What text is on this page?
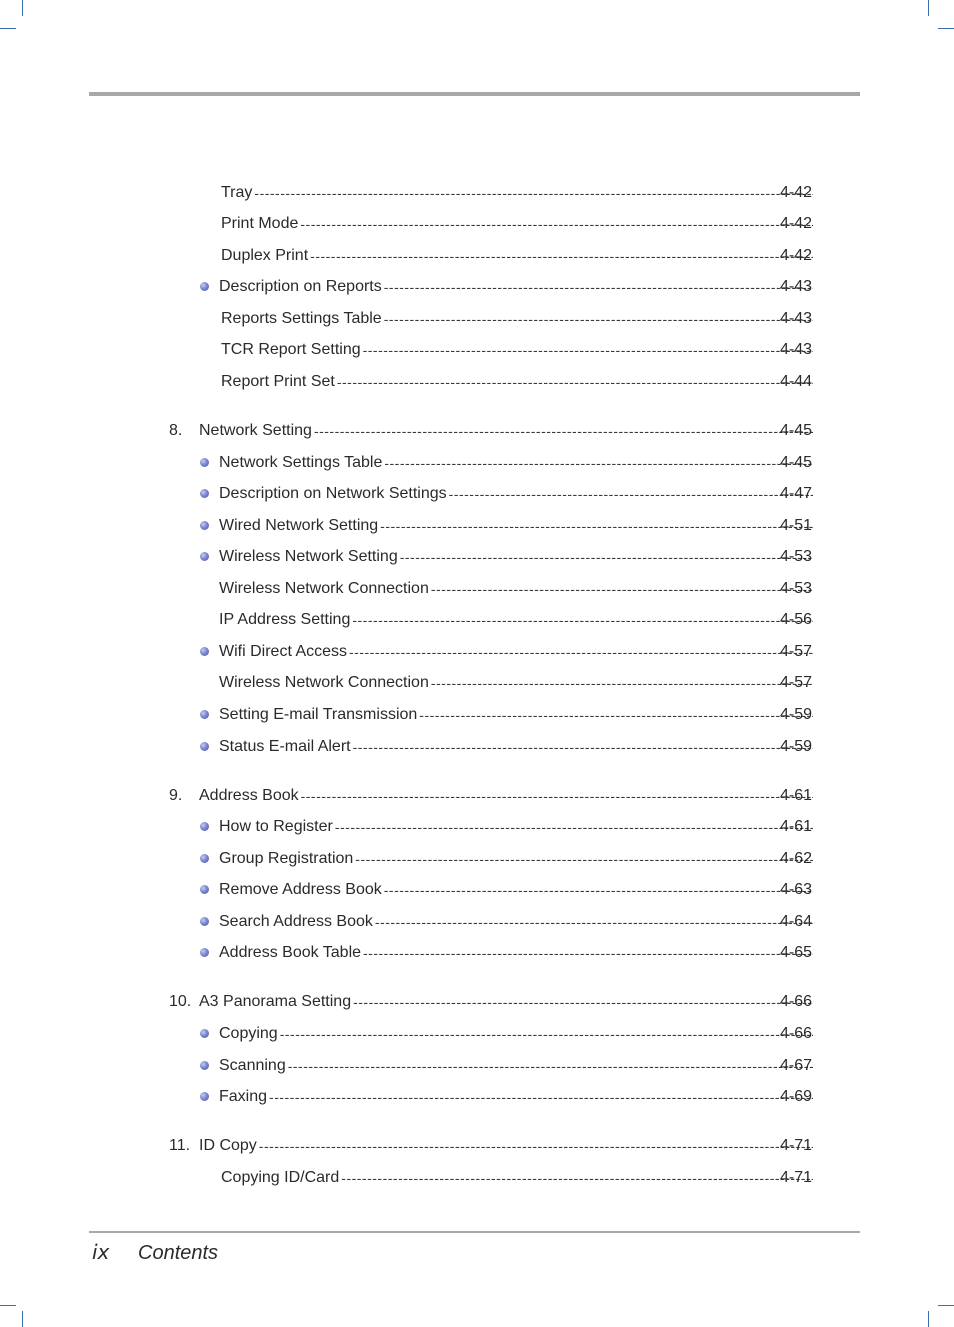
Tray -----	4-42
Print Mode -----	4-42
Duplex Print -----	4-42
Description on Reports -----	4-43
Reports Settings Table -----	4-43
TCR Report Setting -----	4-43
Report Print Set -----	4-44
8.	Network Setting -----	4-45
Network Settings Table -----	4-45
Description on Network Settings -----	4-47
Wired Network Setting -----	4-51
Wireless Network Setting -----	4-53
Wireless Network Connection -----	4-53
IP Address Setting -----	4-56
Wifi Direct Access -----	4-57
Wireless Network Connection -----	4-57
Setting E-mail Transmission -----	4-59
Status E-mail Alert -----	4-59
9.	Address Book -----	4-61
How to Register -----	4-61
Group Registration -----	4-62
Remove Address Book -----	4-63
Search Address Book -----	4-64
Address Book Table -----	4-65
10. A3 Panorama Setting -----	4-66
Copying -----	4-66
Scanning -----	4-67
Faxing -----	4-69
11. ID Copy -----	4-71
Copying ID/Card -----	4-71
ix Contents
